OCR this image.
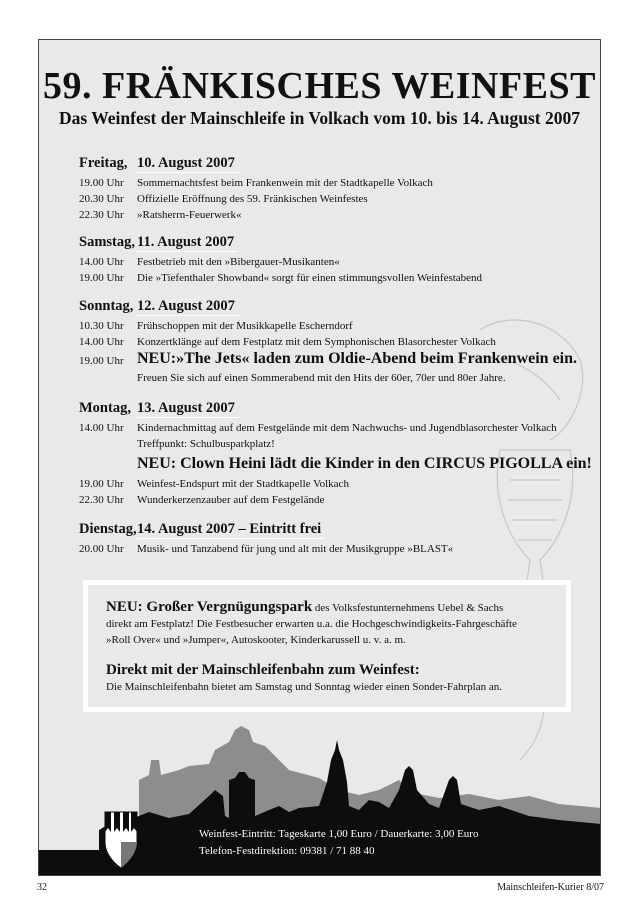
59. FRÄNKISCHES WEINFEST
Das Weinfest der Mainschleife in Volkach vom 10. bis 14. August 2007
Freitag, 10. August 2007
19.00 Uhr Sommernachtsfest beim Frankenwein mit der Stadtkapelle Volkach
20.30 Uhr Offizielle Eröffnung des 59. Fränkischen Weinfestes
22.30 Uhr »Ratsherrn-Feuerwerk«
Samstag, 11. August 2007
14.00 Uhr Festbetrieb mit den »Bibergauer-Musikanten«
19.00 Uhr Die »Tiefenthaler Showband« sorgt für einen stimmungsvollen Weinfestabend
Sonntag, 12. August 2007
10.30 Uhr Frühschoppen mit der Musikkapelle Escherndorf
14.00 Uhr Konzertklänge auf dem Festplatz mit dem Symphonischen Blasorchester Volkach
19.00 Uhr NEU:»The Jets« laden zum Oldie-Abend beim Frankenwein ein.
Freuen Sie sich auf einen Sommerabend mit den Hits der 60er, 70er und 80er Jahre.
Montag, 13. August 2007
14.00 Uhr Kindernachmittag auf dem Festgelände mit dem Nachwuchs- und Jugendblasorchester Volkach
Treffpunkt: Schulbusparkplatz!
NEU: Clown Heini lädt die Kinder in den CIRCUS PIGOLLA ein!
19.00 Uhr Weinfest-Endspurt mit der Stadtkapelle Volkach
22.30 Uhr Wunderkerzenzauber auf dem Festgelände
Dienstag, 14. August 2007 – Eintritt frei
20.00 Uhr Musik- und Tanzabend für jung und alt mit der Musikgruppe »BLAST«
NEU: Großer Vergnügungspark des Volksfestunternehmens Uebel & Sachs
direkt am Festplatz! Die Festbesucher erwarten u.a. die Hochgeschwindigkeits-Fahrgeschäfte
»Roll Over« und »Jumper«, Autoskooter, Kinderkarussell u. v. a. m.
Direkt mit der Mainschleifenbahn zum Weinfest:
Die Mainschleifenbahn bietet am Samstag und Sonntag wieder einen Sonder-Fahrplan an.
Weinfest-Eintritt: Tageskarte 1,00 Euro / Dauerkarte: 3,00 Euro
Telefon-Festdirektion: 09381 / 71 88 40
32	Mainschleifen-Kurier 8/07
